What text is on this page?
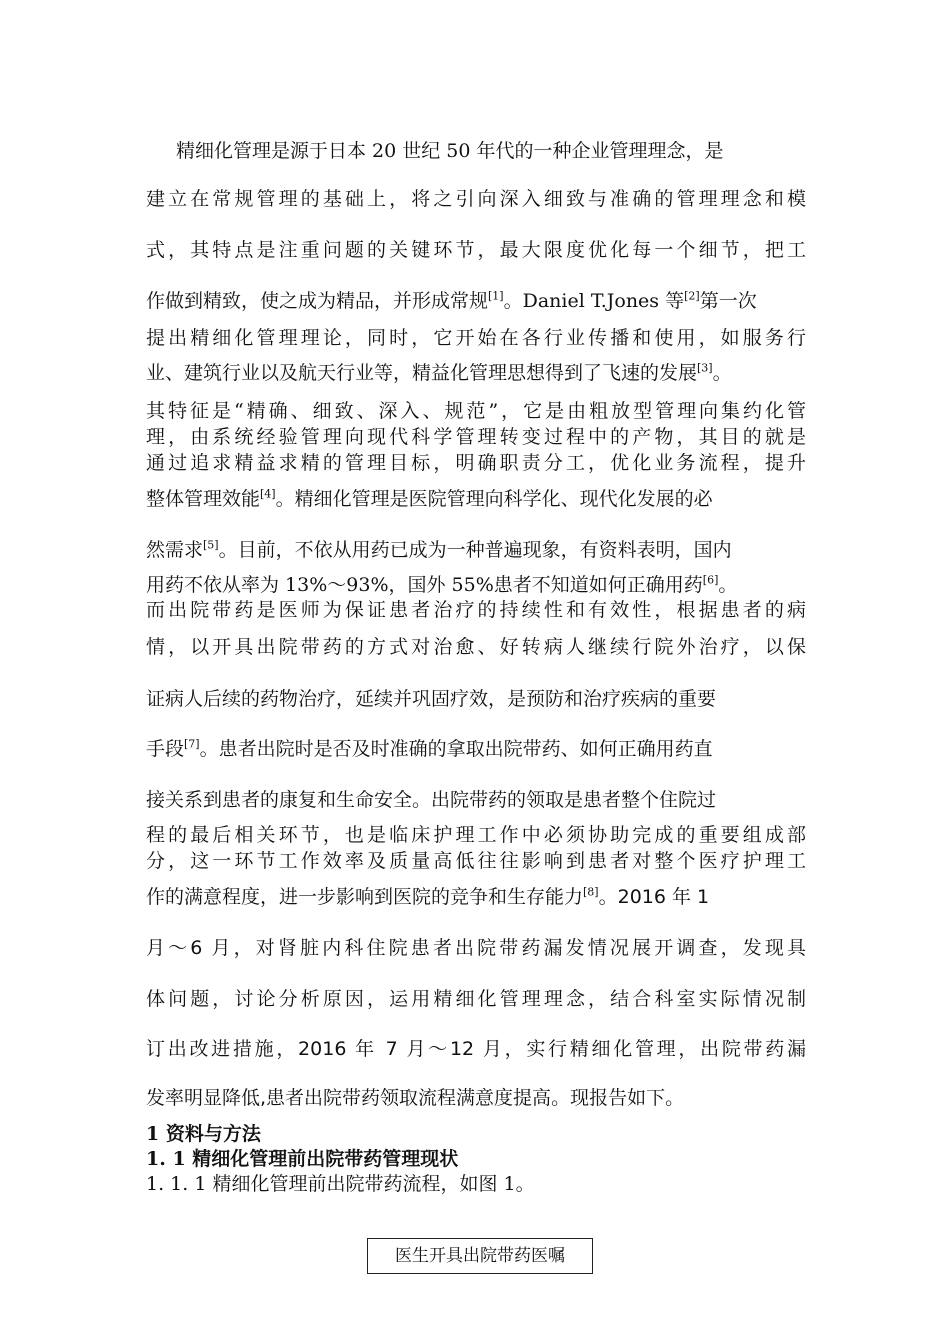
精细化管理是源于日本 20 世纪 50 年代的一种企业管理理念，是
建立在常规管理的基础上，将之引向深入细致与准确的管理理念和模
式，其特点是注重问题的关键环节，最大限度优化每一个细节，把工
作做到精致，使之成为精品，并形成常规[1]。Daniel T.Jones 等[2]第一次
提出精细化管理理论，同时，它开始在各行业传播和使用，如服务行
业、建筑行业以及航天行业等，精益化管理思想得到了飞速的发展[3]。
其特征是“精确、细致、深入、规范”，它是由粗放型管理向集约化管
理，由系统经验管理向现代科学管理转变过程中的产物，其目的就是
通过追求精益求精的管理目标，明确职责分工，优化业务流程，提升
整体管理效能[4]。精细化管理是医院管理向科学化、现代化发展的必
然需求[5]。目前，不依从用药已成为一种普遍现象，有资料表明，国内
用药不依从率为 13%～93%，国外 55%患者不知道如何正确用药[6]。
而出院带药是医师为保证患者治疗的持续性和有效性，根据患者的病
情，以开具出院带药的方式对治愈、好转病人继续行院外治疗，以保
证病人后续的药物治疗，延续并巩固疗效，是预防和治疗疾病的重要
手段[7]。患者出院时是否及时准确的拿取出院带药、如何正确用药直
接关系到患者的康复和生命安全。出院带药的领取是患者整个住院过
程的最后相关环节，也是临床护理工作中必须协助完成的重要组成部
分，这一环节工作效率及质量高低往往影响到患者对整个医疗护理工
作的满意程度，进一步影响到医院的竞争和生存能力[8]。2016 年 1
月～6 月，对肾脏内科住院患者出院带药漏发情况展开调查，发现具
体问题，讨论分析原因，运用精细化管理理念，结合科室实际情况制
订出改进措施，2016 年 7 月～12 月，实行精细化管理，出院带药漏
发率明显降低,患者出院带药领取流程满意度提高。现报告如下。
1 资料与方法
1. 1 精细化管理前出院带药管理现状
1. 1. 1 精细化管理前出院带药流程，如图 1。
医生开具出院带药医嘱
